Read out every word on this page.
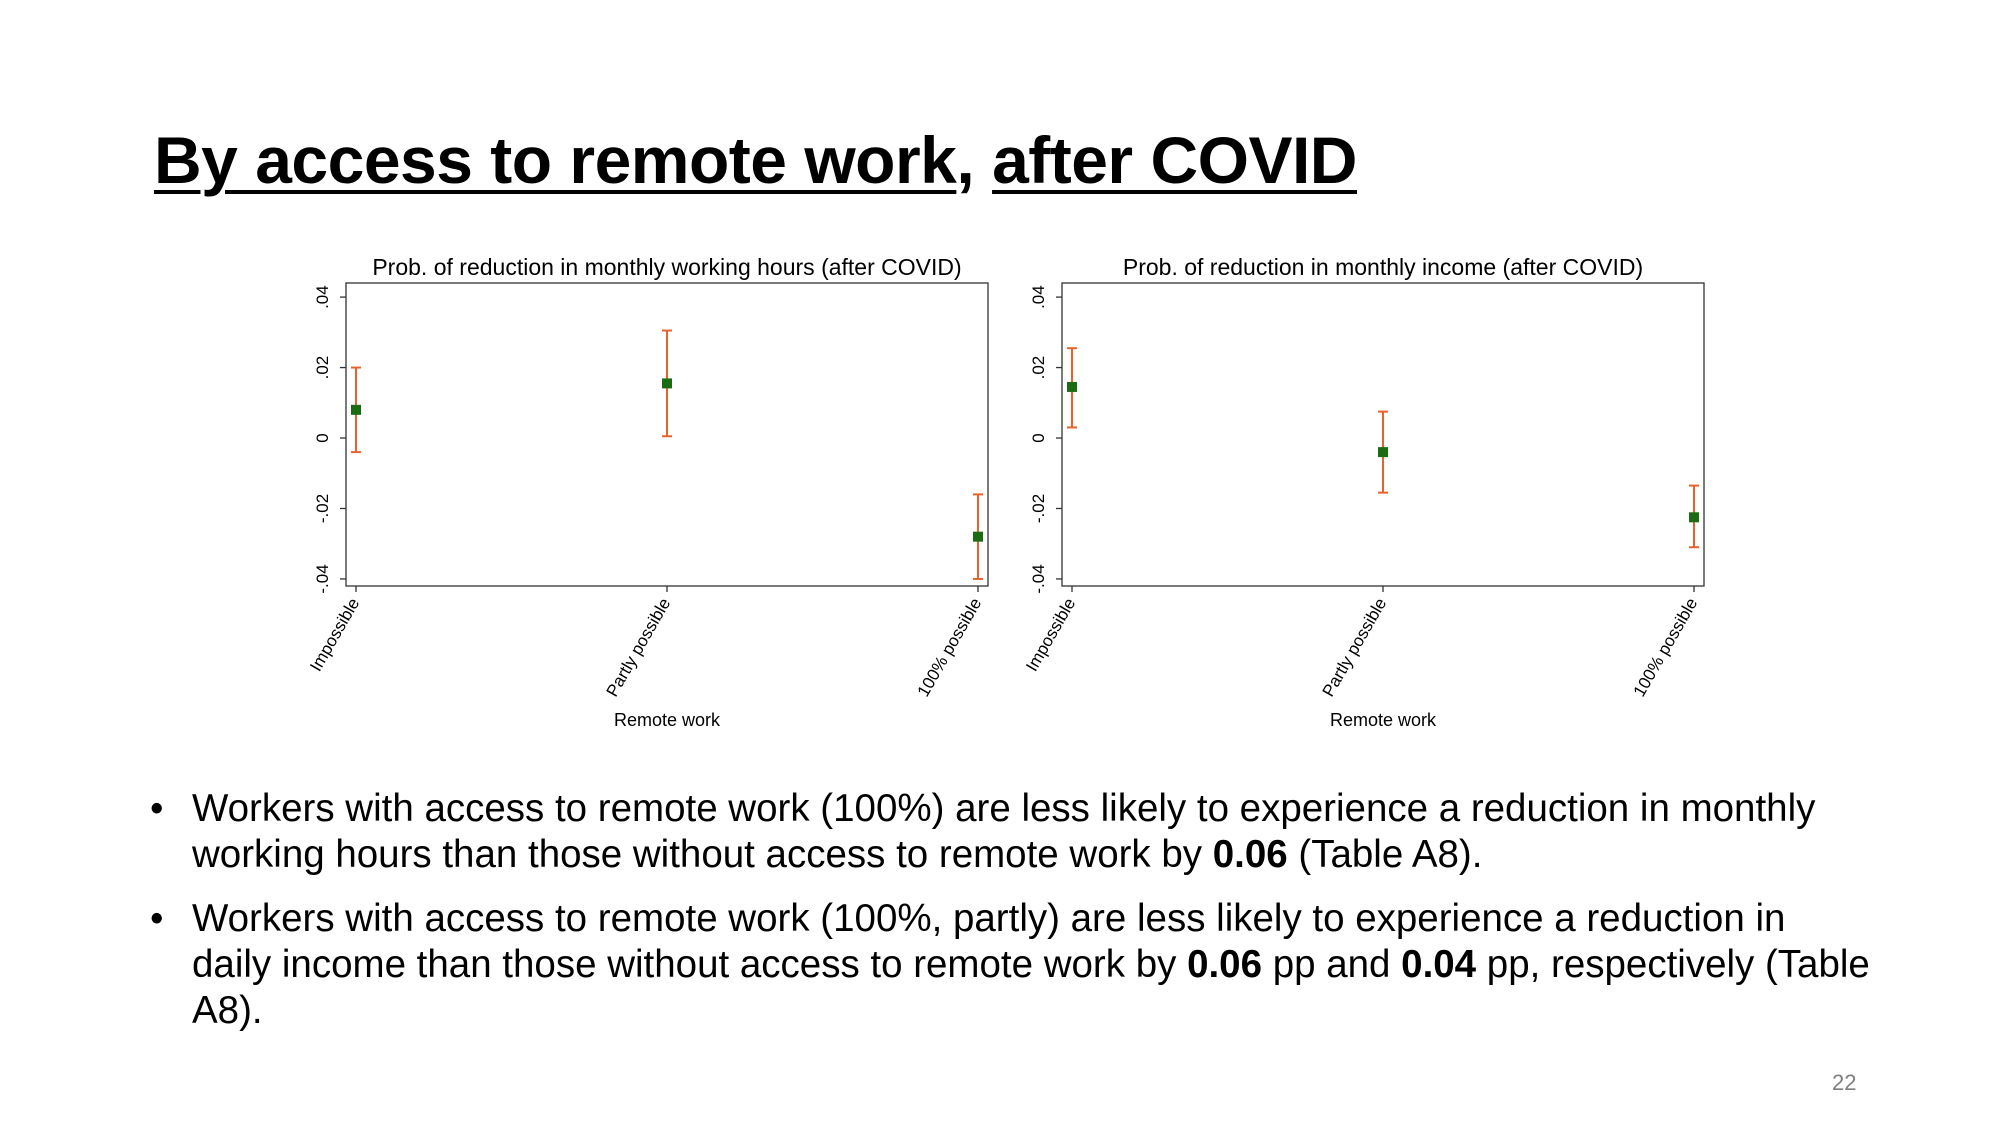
By access to remote work, after COVID
Prob. of reduction in monthly working hours (after COVID)
-.04
-.02
0
.02
.04
Impossible	Partly possible	100% possible
Remote work
Prob. of reduction in monthly income (after COVID)
-.04
-.02
0
.02
.04
Impossible	Partly possible	100% possible
Remote work
• Workers with access to remote work (100%) are less likely to experience a reduction in monthly working hours than those without access to remote work by 0.06 (Table A8).
• Workers with access to remote work (100%, partly) are less likely to experience a reduction in daily income than those without access to remote work by 0.06 pp and 0.04 pp, respectively (Table A8).
22
